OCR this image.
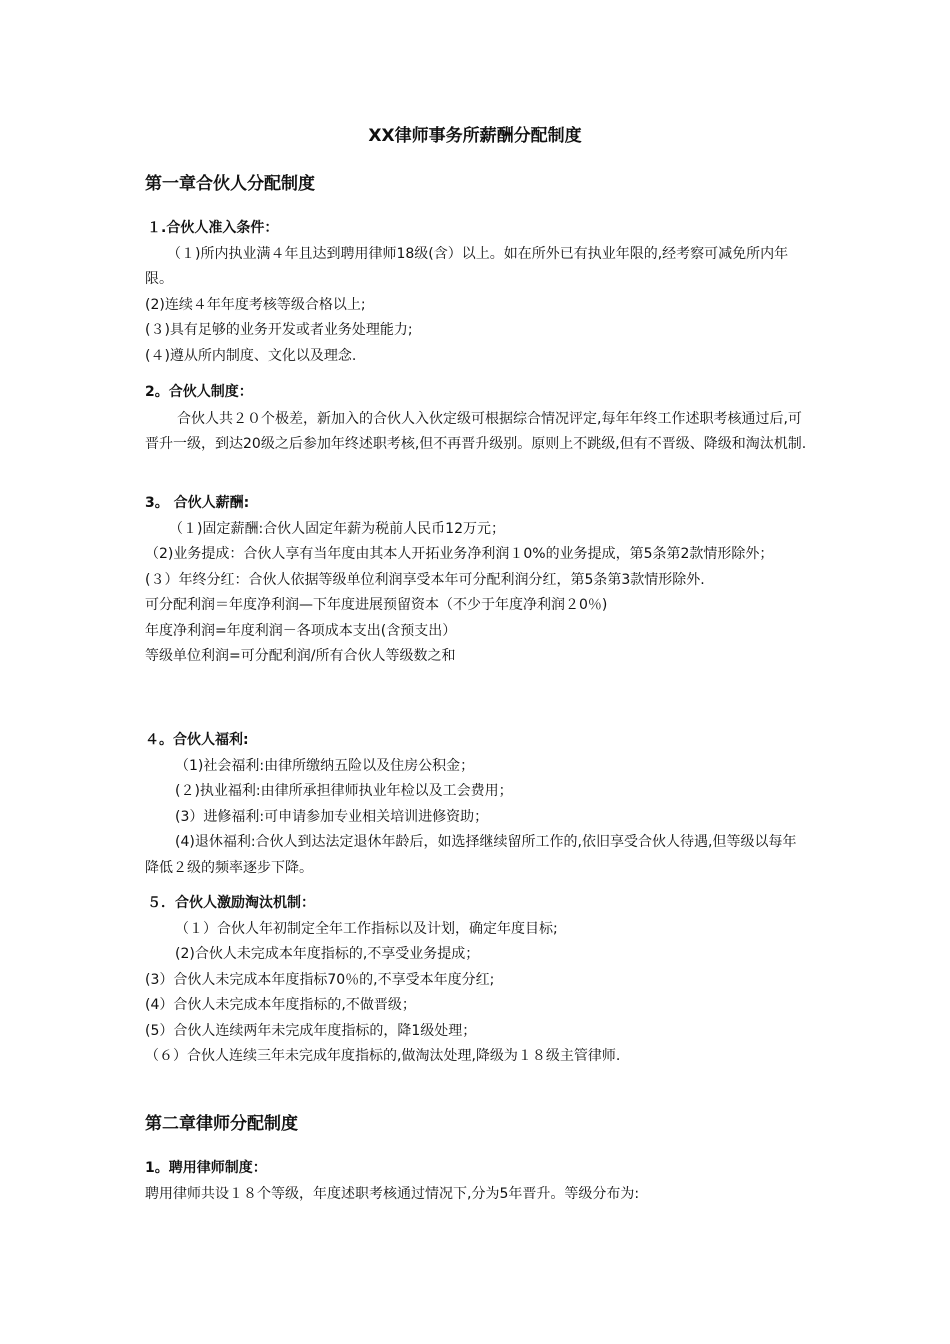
XX律师事务所薪酬分配制度
第一章合伙人分配制度

１.合伙人准入条件：

（１)所内执业满４年且达到聘用律师18级(含）以上。如在所外已有执业年限的,经考察可减免所内年限。

(2)连续４年年度考核等级合格以上;

(３)具有足够的业务开发或者业务处理能力;

(４)遵从所内制度、文化以及理念.

2。合伙人制度：

合伙人共２０个极差，新加入的合伙人入伙定级可根据综合情况评定,每年年终工作述职考核通过后,可晋升一级，到达20级之后参加年终述职考核,但不再晋升级别。原则上不跳级,但有不晋级、降级和淘汰机制.

3。 合伙人薪酬:

（１)固定薪酬:合伙人固定年薪为税前人民币12万元；

（2)业务提成：合伙人享有当年度由其本人开拓业务净利润１0%的业务提成，第5条第2款情形除外；

(３）年终分红：合伙人依据等级单位利润享受本年可分配利润分红，第5条第3款情形除外.

可分配利润＝年度净利润—下年度进展预留资本（不少于年度净利润２0％)

年度净利润=年度利润－各项成本支出(含预支出）

等级单位利润=可分配利润/所有合伙人等级数之和

４。合伙人福利:

（1)社会福利:由律所缴纳五险以及住房公积金；

(２)执业福利:由律所承担律师执业年检以及工会费用；

(3）进修福利:可申请参加专业相关培训进修资助；

(4)退休福利:合伙人到达法定退休年龄后，如选择继续留所工作的,依旧享受合伙人待遇,但等级以每年降低２级的频率逐步下降。

５．合伙人激励淘汰机制：

（１）合伙人年初制定全年工作指标以及计划，确定年度目标;

(2)合伙人未完成本年度指标的,不享受业务提成；

(3）合伙人未完成本年度指标70％的,不享受本年度分红;

(4）合伙人未完成本年度指标的,不做晋级；

(5）合伙人连续两年未完成年度指标的，降1级处理；

（６）合伙人连续三年未完成年度指标的,做淘汰处理,降级为１８级主管律师.

第二章律师分配制度

1。聘用律师制度：

聘用律师共设１８个等级，年度述职考核通过情况下,分为5年晋升。等级分布为:
